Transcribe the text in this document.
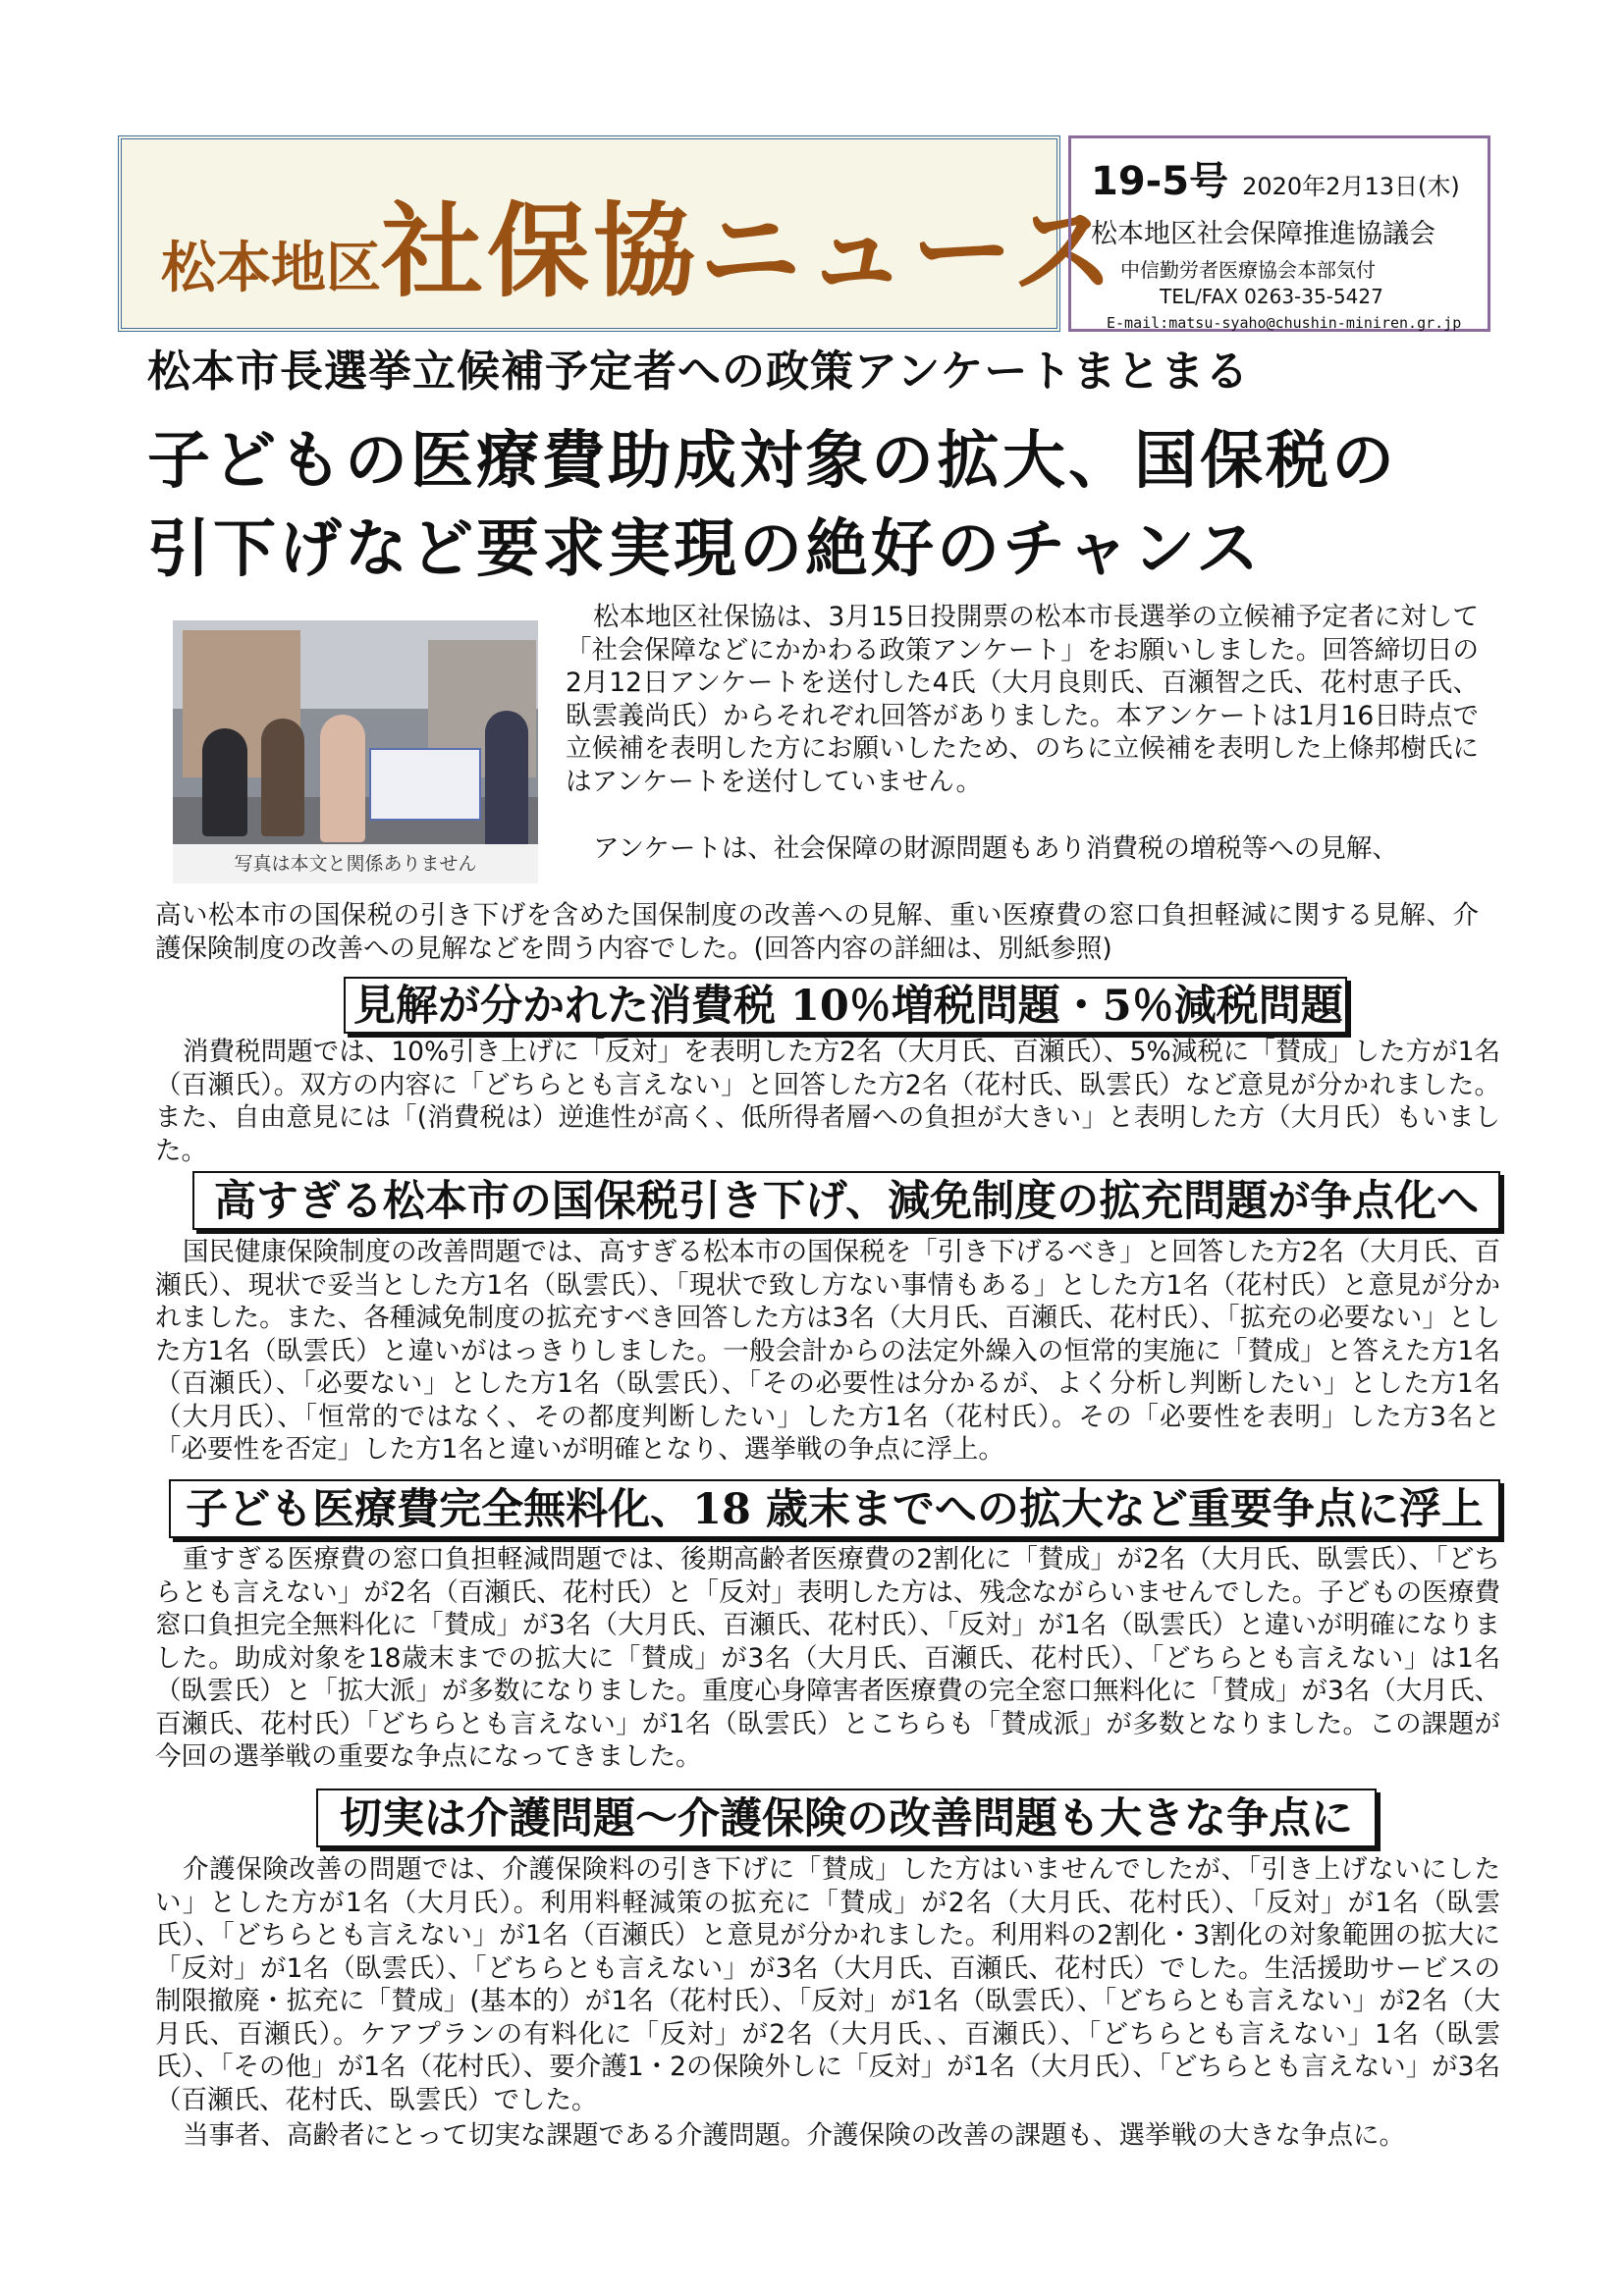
松本地区社保協ニュース
19-5号 2020年2月13日(木)
松本地区社会保障推進協議会
中信勤労者医療協会本部気付
TEL/FAX 0263-35-5427
E-mail:matsu-syaho@chushin-miniren.gr.jp
松本市長選挙立候補予定者への政策アンケートまとまる
子どもの医療費助成対象の拡大、国保税の
引下げなど要求実現の絶好のチャンス
写真は本文と関係ありません

松本地区社保協は、3月15日投開票の松本市長選挙の立候補予定者に対して「社会保障などにかかわる政策アンケート」をお願いしました。回答締切日の2月12日アンケートを送付した4氏（大月良則氏、百瀬智之氏、花村恵子氏、臥雲義尚氏）からそれぞれ回答がありました。本アンケートは1月16日時点で立候補を表明した方にお願いしたため、のちに立候補を表明した上條邦樹氏にはアンケートを送付していません。

アンケートは、社会保障の財源問題もあり消費税の増税等への見解、

高い松本市の国保税の引き下げを含めた国保制度の改善への見解、重い医療費の窓口負担軽減に関する見解、介護保険制度の改善への見解などを問う内容でした。(回答内容の詳細は、別紙参照)

見解が分かれた消費税 10％増税問題・5％減税問題

消費税問題では、10%引き上げに「反対」を表明した方2名（大月氏、百瀬氏）、5%減税に「賛成」した方が1名（百瀬氏）。双方の内容に「どちらとも言えない」と回答した方2名（花村氏、臥雲氏）など意見が分かれました。また、自由意見には「(消費税は）逆進性が高く、低所得者層への負担が大きい」と表明した方（大月氏）もいました。

高すぎる松本市の国保税引き下げ、減免制度の拡充問題が争点化へ

国民健康保険制度の改善問題では、高すぎる松本市の国保税を「引き下げるべき」と回答した方2名（大月氏、百瀬氏）、現状で妥当とした方1名（臥雲氏）、「現状で致し方ない事情もある」とした方1名（花村氏）と意見が分かれました。また、各種減免制度の拡充すべき回答した方は3名（大月氏、百瀬氏、花村氏）、「拡充の必要ない」とした方1名（臥雲氏）と違いがはっきりしました。一般会計からの法定外繰入の恒常的実施に「賛成」と答えた方1名（百瀬氏）、「必要ない」とした方1名（臥雲氏）、「その必要性は分かるが、よく分析し判断したい」とした方1名（大月氏）、「恒常的ではなく、その都度判断したい」した方1名（花村氏）。その「必要性を表明」した方3名と「必要性を否定」した方1名と違いが明確となり、選挙戦の争点に浮上。

子ども医療費完全無料化、18 歳末までへの拡大など重要争点に浮上

重すぎる医療費の窓口負担軽減問題では、後期高齢者医療費の2割化に「賛成」が2名（大月氏、臥雲氏）、「どちらとも言えない」が2名（百瀬氏、花村氏）と「反対」表明した方は、残念ながらいませんでした。子どもの医療費窓口負担完全無料化に「賛成」が3名（大月氏、百瀬氏、花村氏）、「反対」が1名（臥雲氏）と違いが明確になりました。助成対象を18歳末までの拡大に「賛成」が3名（大月氏、百瀬氏、花村氏）、「どちらとも言えない」は1名（臥雲氏）と「拡大派」が多数になりました。重度心身障害者医療費の完全窓口無料化に「賛成」が3名（大月氏、百瀬氏、花村氏）「どちらとも言えない」が1名（臥雲氏）とこちらも「賛成派」が多数となりました。この課題が今回の選挙戦の重要な争点になってきました。

切実は介護問題～介護保険の改善問題も大きな争点に

介護保険改善の問題では、介護保険料の引き下げに「賛成」した方はいませんでしたが、「引き上げないにしたい」とした方が1名（大月氏）。利用料軽減策の拡充に「賛成」が2名（大月氏、花村氏）、「反対」が1名（臥雲氏）、「どちらとも言えない」が1名（百瀬氏）と意見が分かれました。利用料の2割化・3割化の対象範囲の拡大に「反対」が1名（臥雲氏）、「どちらとも言えない」が3名（大月氏、百瀬氏、花村氏）でした。生活援助サービスの制限撤廃・拡充に「賛成」(基本的）が1名（花村氏）、「反対」が1名（臥雲氏）、「どちらとも言えない」が2名（大月氏、百瀬氏）。ケアプランの有料化に「反対」が2名（大月氏、、百瀬氏）、「どちらとも言えない」1名（臥雲氏）、「その他」が1名（花村氏）、要介護1・2の保険外しに「反対」が1名（大月氏）、「どちらとも言えない」が3名（百瀬氏、花村氏、臥雲氏）でした。

当事者、高齢者にとって切実な課題である介護問題。介護保険の改善の課題も、選挙戦の大きな争点に。
